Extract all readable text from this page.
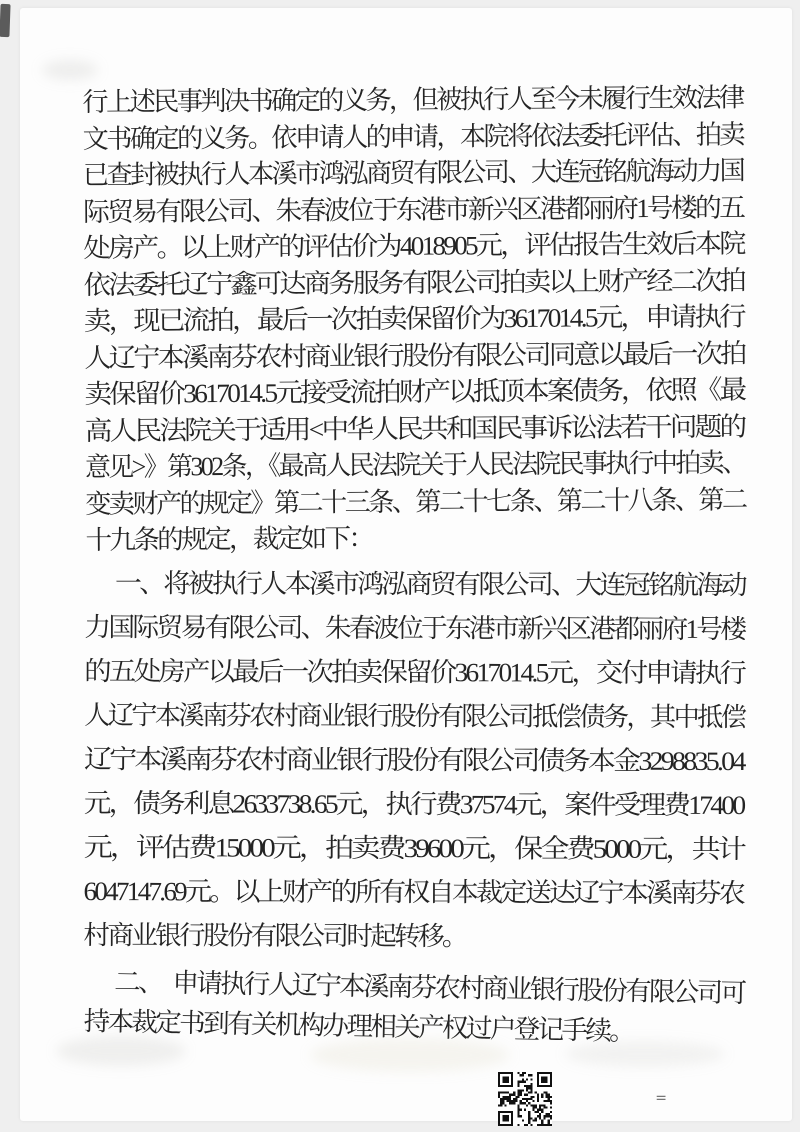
行上述民事判决书确定的义务，但被执行人至今未履行生效法律
文书确定的义务。依申请人的申请，本院将依法委托评估、拍卖
已查封被执行人本溪市鸿泓商贸有限公司、大连冠铭航海动力国
际贸易有限公司、朱春波位于东港市新兴区港都丽府1号楼的五
处房产。以上财产的评估价为4018905元，评估报告生效后本院
依法委托辽宁鑫可达商务服务有限公司拍卖以上财产经二次拍
卖，现已流拍，最后一次拍卖保留价为3617014.5元，申请执行
人辽宁本溪南芬农村商业银行股份有限公司同意以最后一次拍
卖保留价3617014.5元接受流拍财产以抵顶本案债务，依照《最
高人民法院关于适用<中华人民共和国民事诉讼法若干问题的
意见>》第302条，《最高人民法院关于人民法院民事执行中拍卖、
变卖财产的规定》第二十三条、第二十七条、第二十八条、第二
十九条的规定，裁定如下：
一、将被执行人本溪市鸿泓商贸有限公司、大连冠铭航海动
力国际贸易有限公司、朱春波位于东港市新兴区港都丽府1号楼
的五处房产以最后一次拍卖保留价3617014.5元，交付申请执行
人辽宁本溪南芬农村商业银行股份有限公司抵偿债务，其中抵偿
辽宁本溪南芬农村商业银行股份有限公司债务本金3298835.04
元，债务利息2633738.65元，执行费37574元，案件受理费17400
元，评估费15000元，拍卖费39600元，保全费5000元，共计
6047147.69元。以上财产的所有权自本裁定送达辽宁本溪南芬农
村商业银行股份有限公司时起转移。
二、　申请执行人辽宁本溪南芬农村商业银行股份有限公司可
持本裁定书到有关机构办理相关产权过户登记手续。
=
